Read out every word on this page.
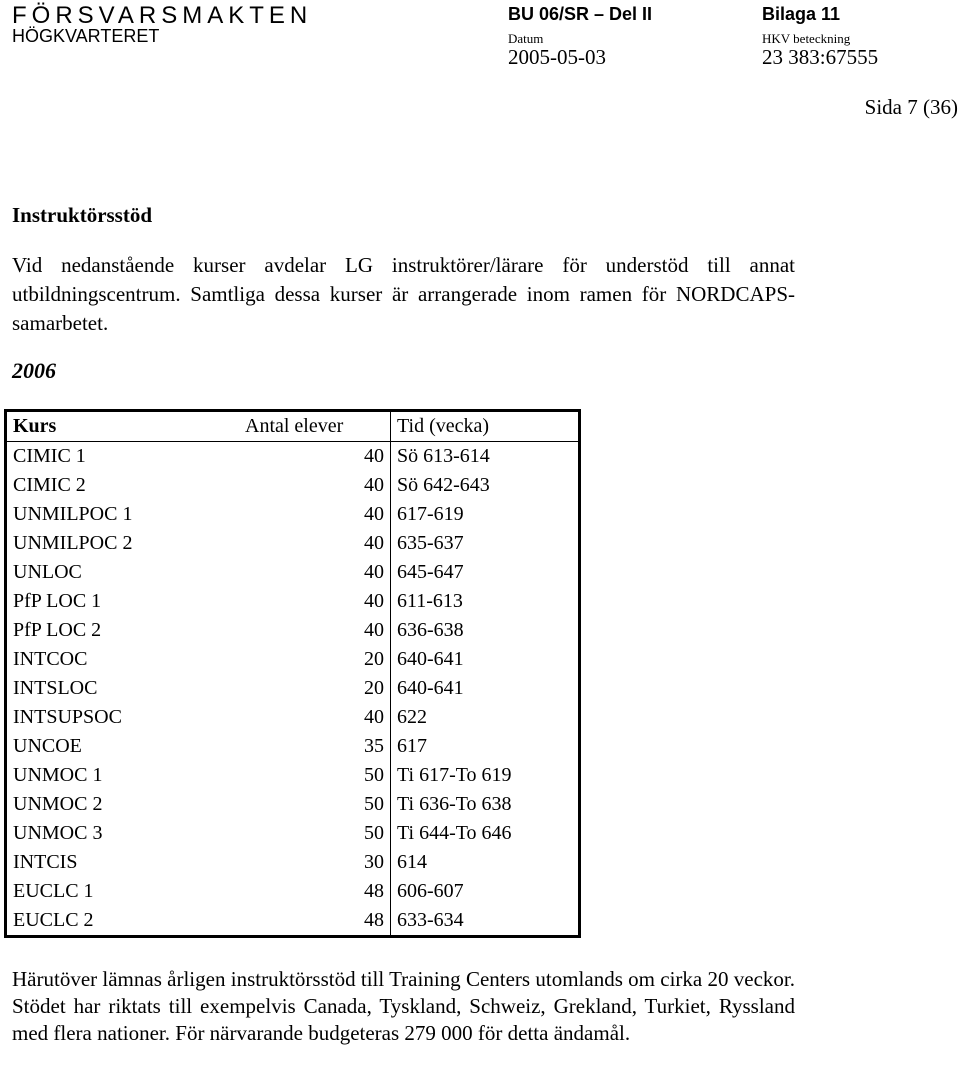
FÖRSVARSMAKTEN
HÖGKVARTERET
BU 06/SR – Del II	Bilaga 11
Datum	HKV beteckning
2005-05-03	23 383:67555
Sida 7 (36)
Instruktörsstöd
Vid nedanstående kurser avdelar LG instruktörer/lärare för understöd till annat utbildningscentrum. Samtliga dessa kurser är arrangerade inom ramen för NORDCAPS-samarbetet.
2006
Kurs	Antal elever	Tid (vecka)
CIMIC 1	40	Sö 613-614
CIMIC 2	40	Sö 642-643
UNMILPOC 1	40	617-619
UNMILPOC 2	40	635-637
UNLOC	40	645-647
PfP LOC 1	40	611-613
PfP LOC 2	40	636-638
INTCOC	20	640-641
INTSLOC	20	640-641
INTSUPSOC	40	622
UNCOE	35	617
UNMOC 1	50	Ti 617-To 619
UNMOC 2	50	Ti 636-To 638
UNMOC 3	50	Ti 644-To 646
INTCIS	30	614
EUCLC 1	48	606-607
EUCLC 2	48	633-634
Härutöver lämnas årligen instruktörsstöd till Training Centers utomlands om cirka 20 veckor. Stödet har riktats till exempelvis Canada, Tyskland, Schweiz, Grekland, Turkiet, Ryssland med flera nationer. För närvarande budgeteras 279 000 för detta ändamål.
